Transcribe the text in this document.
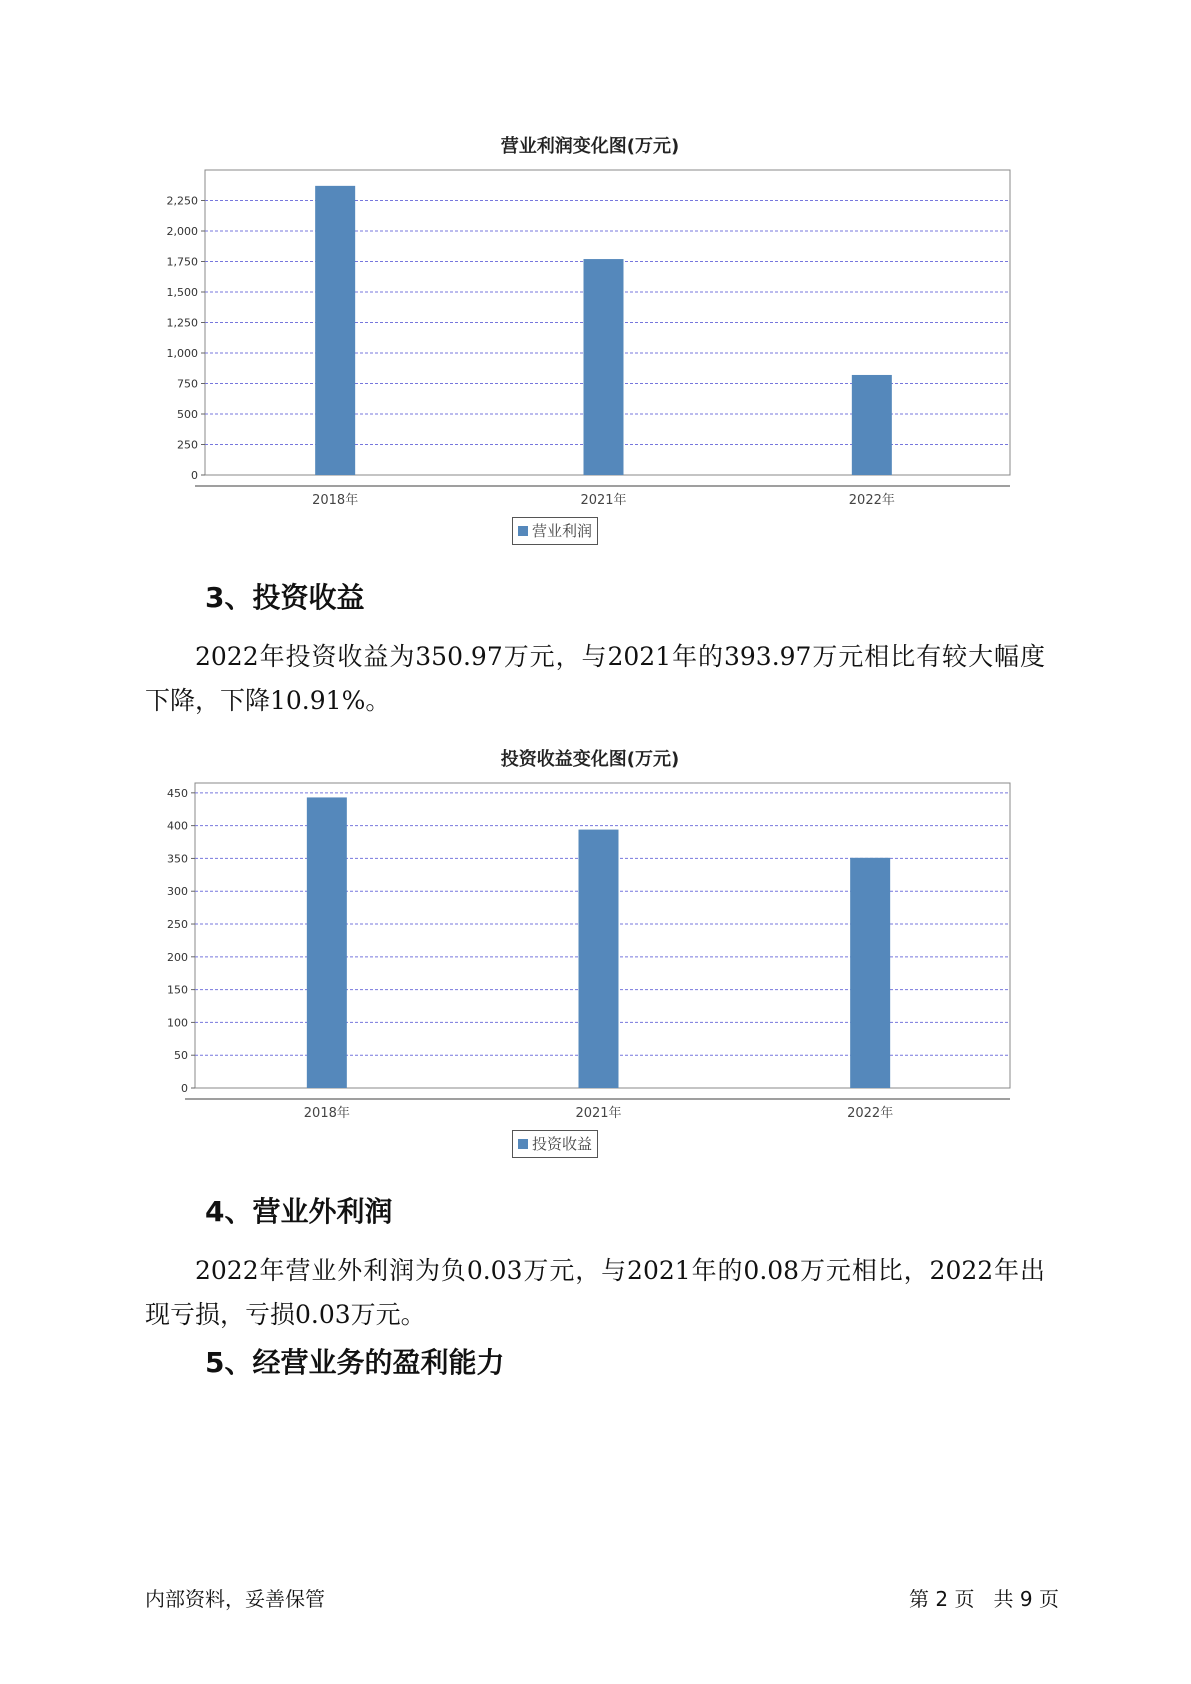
营业利润变化图(万元)
0
250
500
750
1,000
1,250
1,500
1,750
2,000
2,250
2018年	2021年	2022年
营业利润
3、投资收益

2022年投资收益为350.97万元，与2021年的393.97万元相比有较大幅度下降，下降10.91%。

投资收益变化图(万元)
0
50
100
150
200
250
300
350
400
450
2018年	2021年	2022年
投资收益
4、营业外利润

2022年营业外利润为负0.03万元，与2021年的0.08万元相比，2022年出现亏损，亏损0.03万元。

5、经营业务的盈利能力
内部资料，妥善保管	第 2 页   共 9 页
